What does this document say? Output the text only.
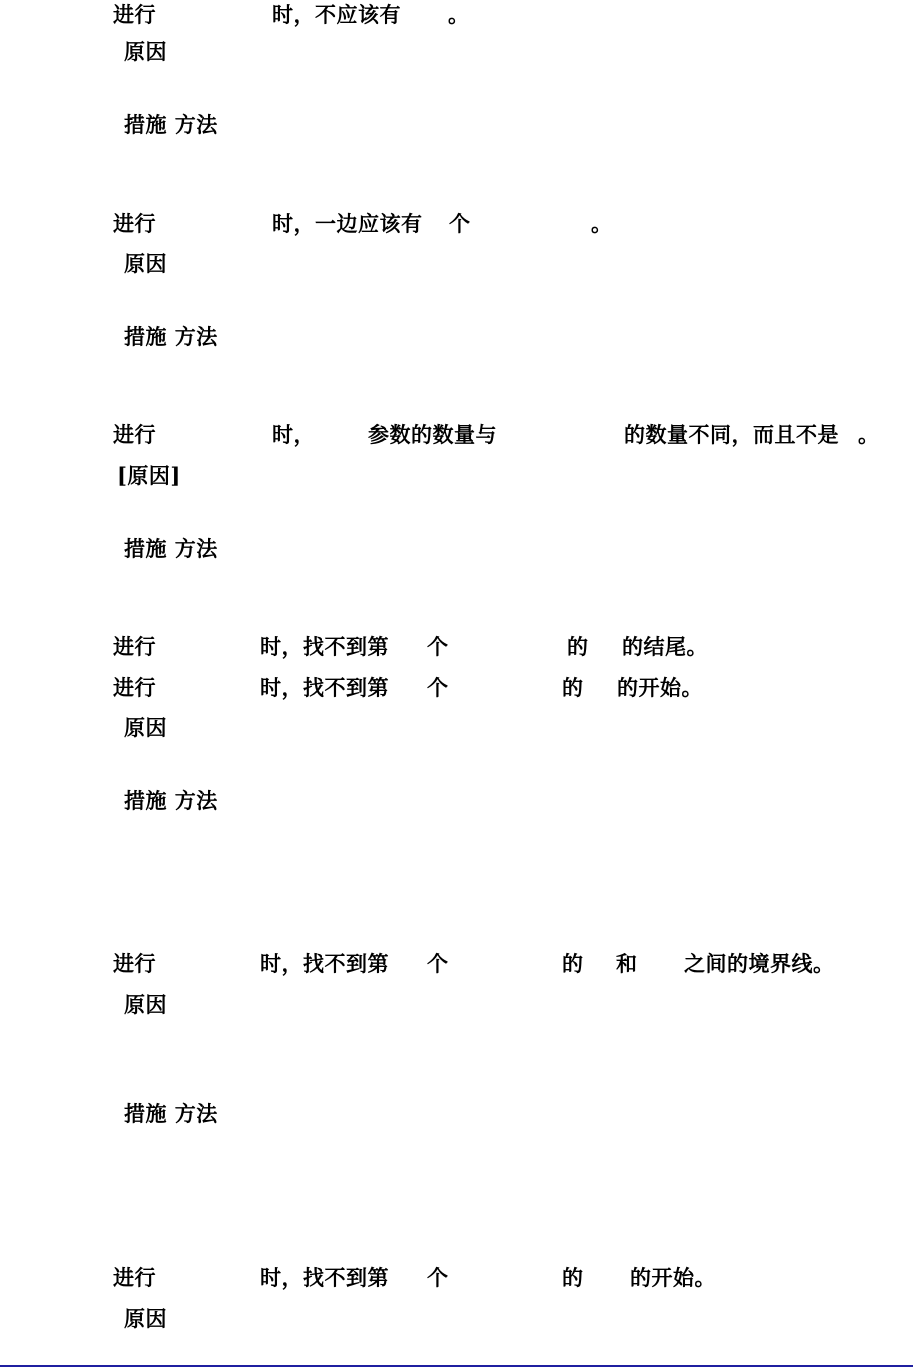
进行	时，不应该有 。
原因
措施 方法
进行	时，一边应该有 个	。
原因
措施 方法
进行	时，	参数的数量与	的数量不同，而且不是 。
[原因]
措施 方法
进行	时，找不到第 个	的 的结尾。
进行	时，找不到第 个	的 的开始。
原因
措施 方法
进行	时，找不到第 个	的 和 之间的境界线。
原因
措施 方法
进行	时，找不到第 个	的 的开始。
原因
